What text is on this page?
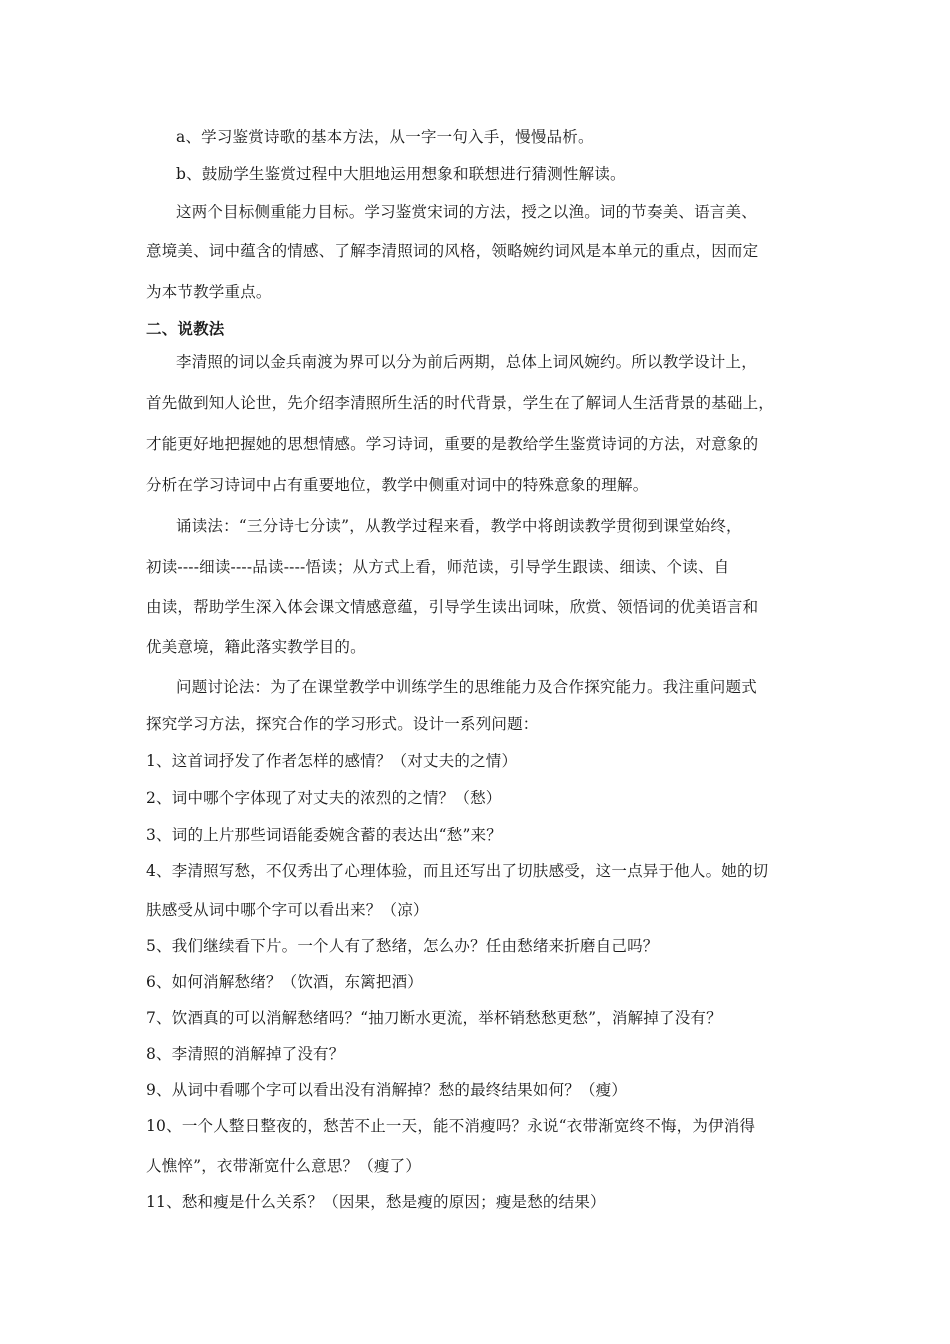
a、学习鉴赏诗歌的基本方法，从一字一句入手，慢慢品析。
b、鼓励学生鉴赏过程中大胆地运用想象和联想进行猜测性解读。
这两个目标侧重能力目标。学习鉴赏宋词的方法，授之以渔。词的节奏美、语言美、
意境美、词中蕴含的情感、了解李清照词的风格，领略婉约词风是本单元的重点，因而定
为本节教学重点。
二、说教法
李清照的词以金兵南渡为界可以分为前后两期，总体上词风婉约。所以教学设计上，
首先做到知人论世，先介绍李清照所生活的时代背景，学生在了解词人生活背景的基础上，
才能更好地把握她的思想情感。学习诗词，重要的是教给学生鉴赏诗词的方法，对意象的
分析在学习诗词中占有重要地位，教学中侧重对词中的特殊意象的理解。
诵读法：“三分诗七分读”，从教学过程来看，教学中将朗读教学贯彻到课堂始终，
初读----细读----品读----悟读；从方式上看，师范读，引导学生跟读、细读、个读、自
由读，帮助学生深入体会课文情感意蕴，引导学生读出词味，欣赏、领悟词的优美语言和
优美意境，籍此落实教学目的。
问题讨论法：为了在课堂教学中训练学生的思维能力及合作探究能力。我注重问题式
探究学习方法，探究合作的学习形式。设计一系列问题：
1、这首词抒发了作者怎样的感情？（对丈夫的之情）
2、词中哪个字体现了对丈夫的浓烈的之情？（愁）
3、词的上片那些词语能委婉含蓄的表达出“愁”来？
4、李清照写愁，不仅秀出了心理体验，而且还写出了切肤感受，这一点异于他人。她的切
肤感受从词中哪个字可以看出来？（凉）
5、我们继续看下片。一个人有了愁绪，怎么办？任由愁绪来折磨自己吗？
6、如何消解愁绪？（饮酒，东篱把酒）
7、饮酒真的可以消解愁绪吗？“抽刀断水更流，举杯销愁愁更愁”，消解掉了没有？
8、李清照的消解掉了没有？
9、从词中看哪个字可以看出没有消解掉？愁的最终结果如何？（瘦）
10、一个人整日整夜的，愁苦不止一天，能不消瘦吗？永说“衣带渐宽终不悔，为伊消得
人憔悴”，衣带渐宽什么意思？（瘦了）
11、愁和瘦是什么关系？（因果，愁是瘦的原因；瘦是愁的结果）
